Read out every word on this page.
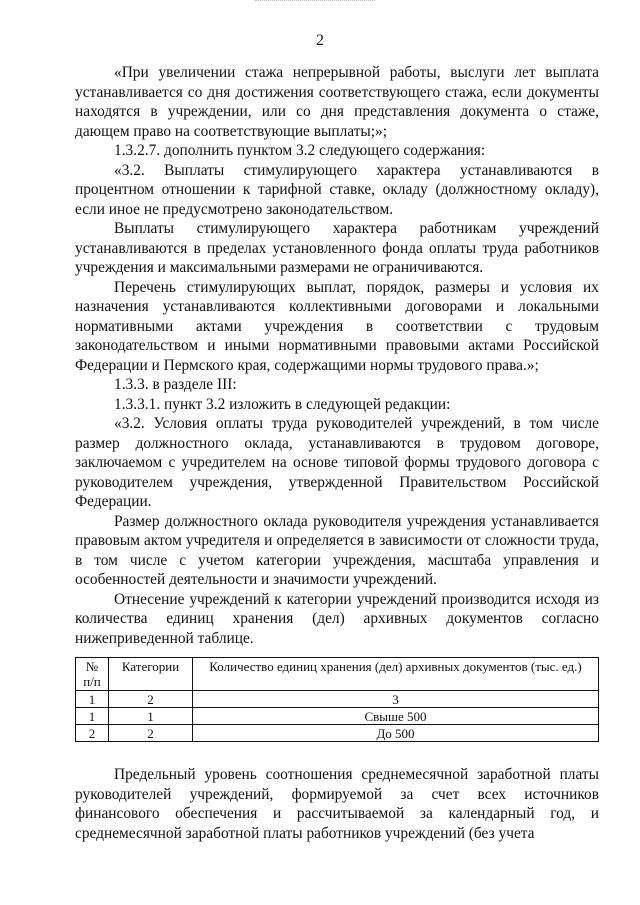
2

«При увеличении стажа непрерывной работы, выслуги лет выплата устанавливается со дня достижения соответствующего стажа, если документы находятся в учреждении, или со дня представления документа о стаже, дающем право на соответствующие выплаты;»;

1.3.2.7. дополнить пунктом 3.2 следующего содержания:

«3.2. Выплаты стимулирующего характера устанавливаются в процентном отношении к тарифной ставке, окладу (должностному окладу), если иное не предусмотрено законодательством.

Выплаты стимулирующего характера работникам учреждений устанавливаются в пределах установленного фонда оплаты труда работников учреждения и максимальными размерами не ограничиваются.

Перечень стимулирующих выплат, порядок, размеры и условия их назначения устанавливаются коллективными договорами и локальными нормативными актами учреждения в соответствии с трудовым законодательством и иными нормативными правовыми актами Российской Федерации и Пермского края, содержащими нормы трудового права.»;

1.3.3. в разделе III:

1.3.3.1. пункт 3.2 изложить в следующей редакции:

«3.2. Условия оплаты труда руководителей учреждений, в том числе размер должностного оклада, устанавливаются в трудовом договоре, заключаемом с учредителем на основе типовой формы трудового договора с руководителем учреждения, утвержденной Правительством Российской Федерации.

Размер должностного оклада руководителя учреждения устанавливается правовым актом учредителя и определяется в зависимости от сложности труда, в том числе с учетом категории учреждения, масштаба управления и особенностей деятельности и значимости учреждений.

Отнесение учреждений к категории учреждений производится исходя из количества единиц хранения (дел) архивных документов согласно нижеприведенной таблице.

№ п/п	Категории	Количество единиц хранения (дел) архивных документов (тыс. ед.)
1	2	3
1	1	Свыше 500
2	2	До 500

Предельный уровень соотношения среднемесячной заработной платы руководителей учреждений, формируемой за счет всех источников финансового обеспечения и рассчитываемой за календарный год, и среднемесячной заработной платы работников учреждений (без учета
